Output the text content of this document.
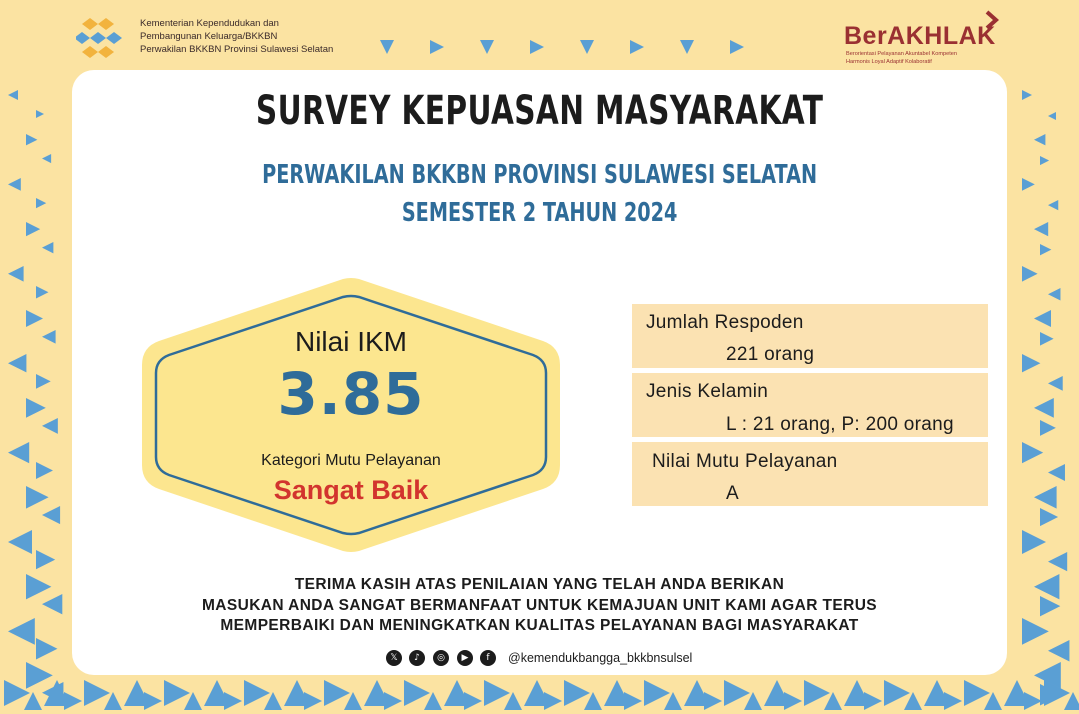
Kementerian Kependudukan dan
Pembangunan Keluarga/BKKBN
Perwakilan BKKBN Provinsi Sulawesi Selatan	BerAKHLAK
Berorientasi Pelayanan Akuntabel Kompeten
Harmonis Loyal Adaptif Kolaboratif
SURVEY KEPUASAN MASYARAKAT
PERWAKILAN BKKBN PROVINSI SULAWESI SELATAN
SEMESTER 2 TAHUN 2024
Nilai IKM
3.85
Kategori Mutu Pelayanan
Sangat Baik
Jumlah Respoden
221 orang
Jenis Kelamin
L : 21 orang, P: 200 orang
Nilai Mutu Pelayanan
A
TERIMA KASIH ATAS PENILAIAN YANG TELAH ANDA BERIKAN
MASUKAN ANDA SANGAT BERMANFAAT UNTUK KEMAJUAN UNIT KAMI AGAR TERUS
MEMPERBAIKI DAN MENINGKATKAN KUALITAS PELAYANAN BAGI MASYARAKAT
𝕏	♪	◎	▶	f	@kemendukbangga_bkkbnsulsel
